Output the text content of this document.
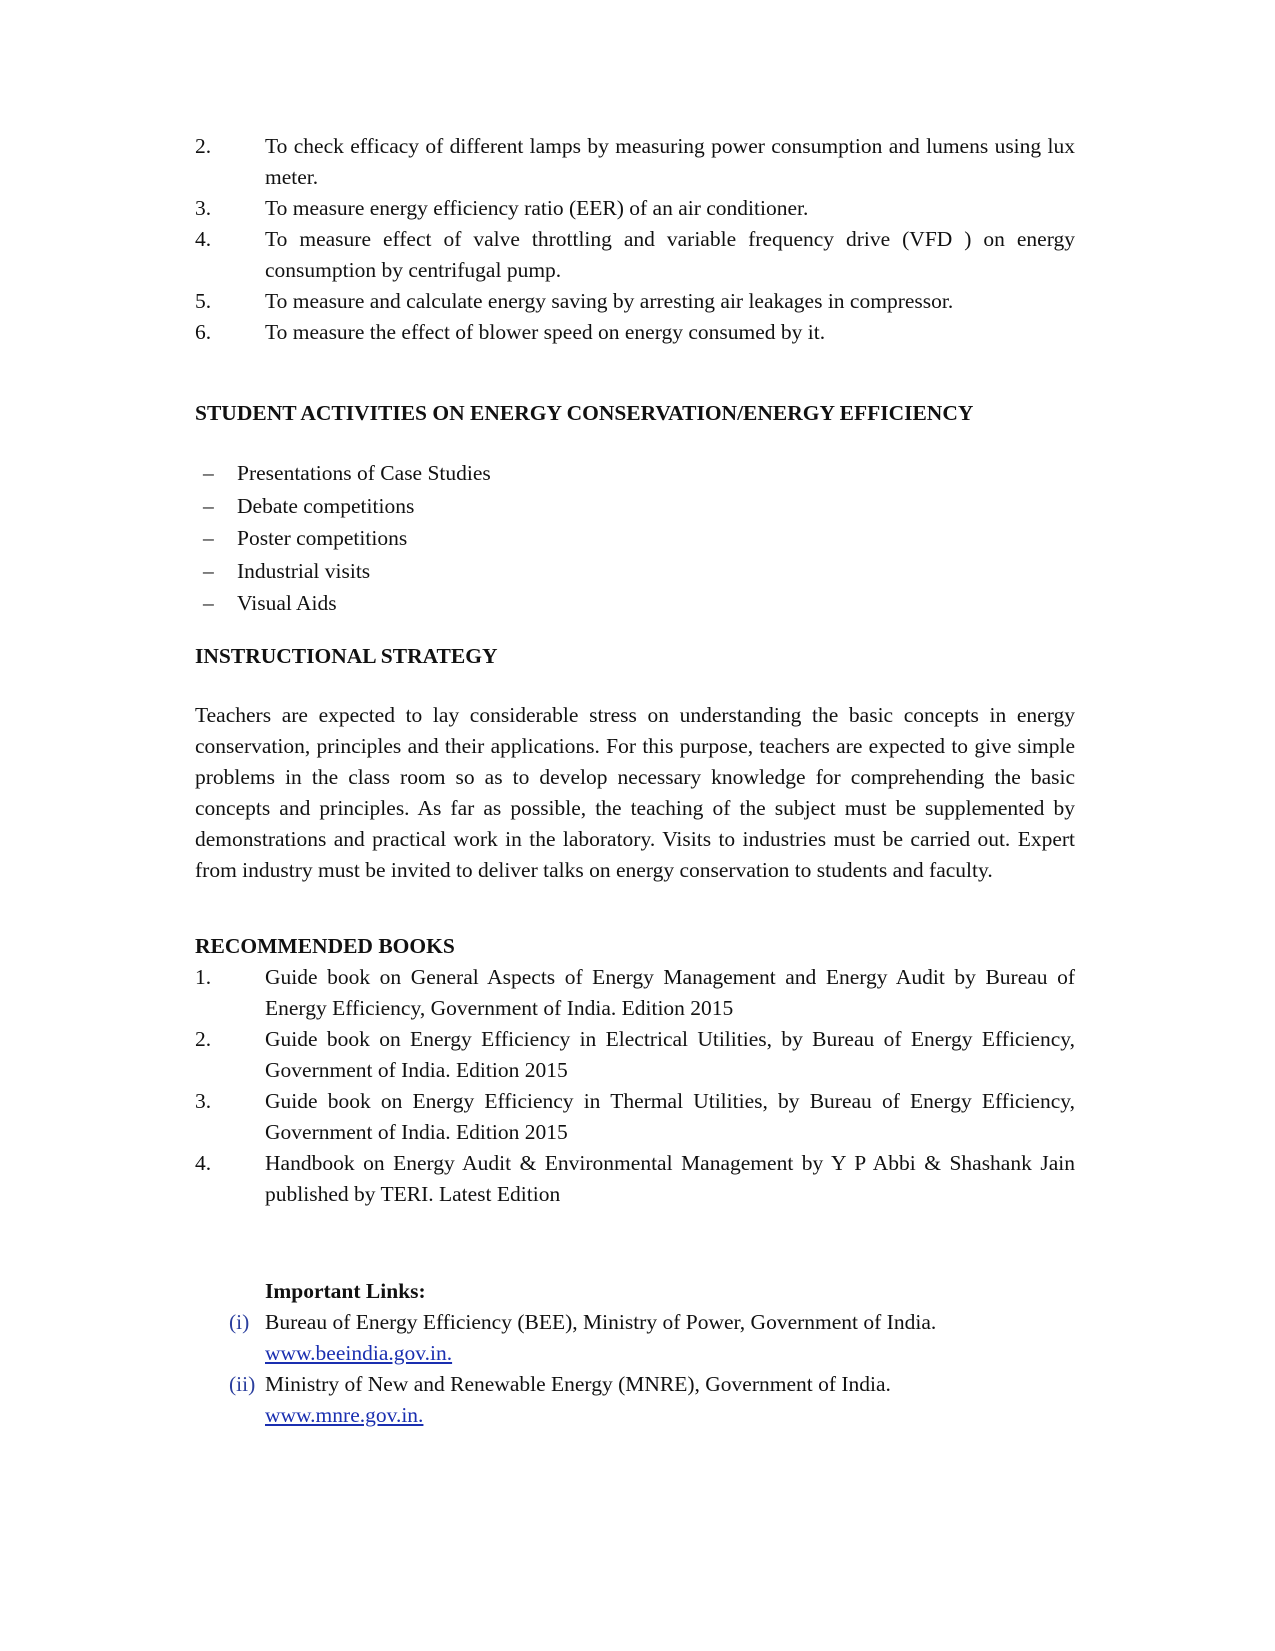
2.	To check efficacy of different lamps by measuring power consumption and lumens using lux meter.
3.	To measure energy efficiency ratio (EER) of an air conditioner.
4.	To measure effect of valve throttling and variable frequency drive (VFD ) on energy consumption by centrifugal pump.
5.	To measure and calculate energy saving by arresting air leakages in compressor.
6.	To measure the effect of blower speed on energy consumed by it.
STUDENT ACTIVITIES ON ENERGY CONSERVATION/ENERGY EFFICIENCY
– Presentations of Case Studies
– Debate competitions
– Poster competitions
– Industrial visits
– Visual Aids
INSTRUCTIONAL STRATEGY

Teachers are expected to lay considerable stress on understanding the basic concepts in energy conservation, principles and their applications. For this purpose, teachers are expected to give simple problems in the class room so as to develop necessary knowledge for comprehending the basic concepts and principles. As far as possible, the teaching of the subject must be supplemented by demonstrations and practical work in the laboratory. Visits to industries must be carried out. Expert from industry must be invited to deliver talks on energy conservation to students and faculty.

RECOMMENDED BOOKS
1.	Guide book on General Aspects of Energy Management and Energy Audit by Bureau of Energy Efficiency, Government of India. Edition 2015
2.	Guide book on Energy Efficiency in Electrical Utilities, by Bureau of Energy Efficiency, Government of India. Edition 2015
3.	Guide book on Energy Efficiency in Thermal Utilities, by Bureau of Energy Efficiency, Government of India. Edition 2015
4.	Handbook on Energy Audit & Environmental Management by Y P Abbi & Shashank Jain published by TERI. Latest Edition

Important Links:

(i) Bureau of Energy Efficiency (BEE), Ministry of Power, Government of India.
www.beeindia.gov.in.
(ii) Ministry of New and Renewable Energy (MNRE), Government of India.
www.mnre.gov.in.
